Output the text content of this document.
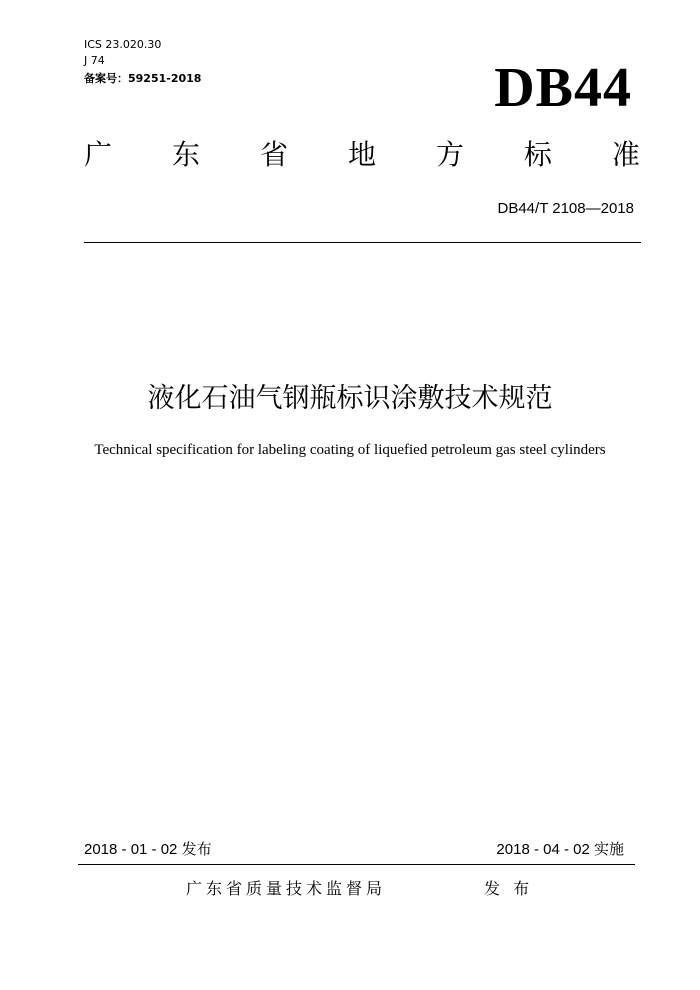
ICS 23.020.30
J 74
备案号：59251-2018	DB44
广 东 省 地 方 标 准
DB44/T 2108—2018
液化石油气钢瓶标识涂敷技术规范
Technical specification for labeling coating of liquefied petroleum gas steel cylinders
2018 - 01 - 02 发布	2018 - 04 - 02 实施
广东省质量技术监督局	发 布
